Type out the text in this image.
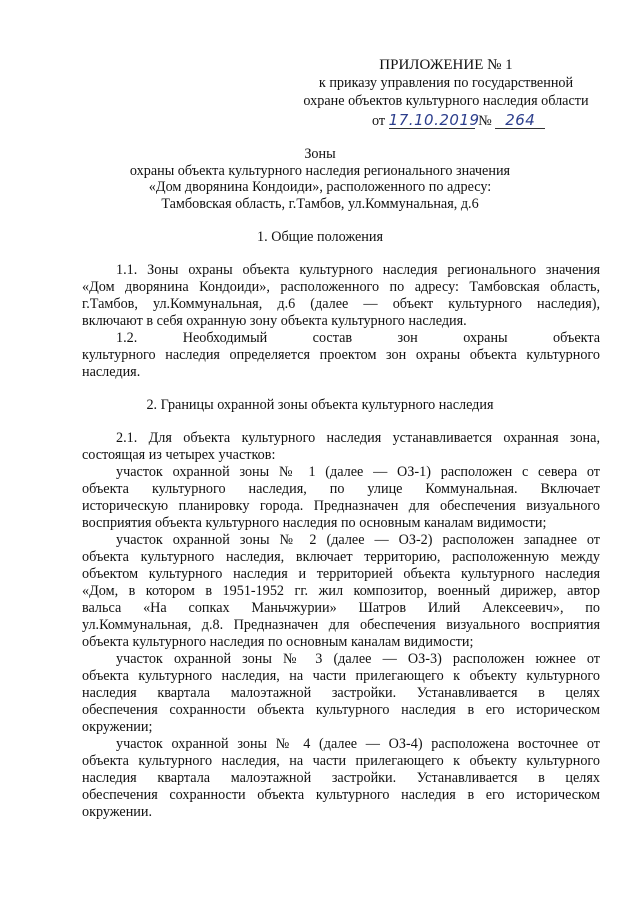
ПРИЛОЖЕНИЕ № 1
к приказу управления по государственной
охране объектов культурного наследия области
от 17.10.2019 № 264
Зоны
охраны объекта культурного наследия регионального значения
«Дом дворянина Кондоиди», расположенного по адресу:
Тамбовская область, г.Тамбов, ул.Коммунальная, д.6
1. Общие положения
1.1. Зоны охраны объекта культурного наследия регионального значения
«Дом дворянина Кондоиди», расположенного по адресу: Тамбовская область,
г.Тамбов, ул.Коммунальная, д.6 (далее — объект культурного наследия),
включают в себя охранную зону объекта культурного наследия.
1.2. Необходимый состав зон охраны объекта
культурного наследия определяется проектом зон охраны объекта культурного
наследия.
2. Границы охранной зоны объекта культурного наследия
2.1. Для объекта культурного наследия устанавливается охранная зона,
состоящая из четырех участков:
участок охранной зоны № 1 (далее — ОЗ-1) расположен с севера от
объекта культурного наследия, по улице Коммунальная. Включает
историческую планировку города. Предназначен для обеспечения визуального
восприятия объекта культурного наследия по основным каналам видимости;
участок охранной зоны № 2 (далее — ОЗ-2) расположен западнее от
объекта культурного наследия, включает территорию, расположенную между
объектом культурного наследия и территорией объекта культурного наследия
«Дом, в котором в 1951-1952 гг. жил композитор, военный дирижер, автор
вальса «На сопках Маньчжурии» Шатров Илий Алексеевич», по
ул.Коммунальная, д.8. Предназначен для обеспечения визуального восприятия
объекта культурного наследия по основным каналам видимости;
участок охранной зоны № 3 (далее — ОЗ-3) расположен южнее от
объекта культурного наследия, на части прилегающего к объекту культурного
наследия квартала малоэтажной застройки. Устанавливается в целях
обеспечения сохранности объекта культурного наследия в его историческом
окружении;
участок охранной зоны № 4 (далее — ОЗ-4) расположена восточнее от
объекта культурного наследия, на части прилегающего к объекту культурного
наследия квартала малоэтажной застройки. Устанавливается в целях
обеспечения сохранности объекта культурного наследия в его историческом
окружении.
